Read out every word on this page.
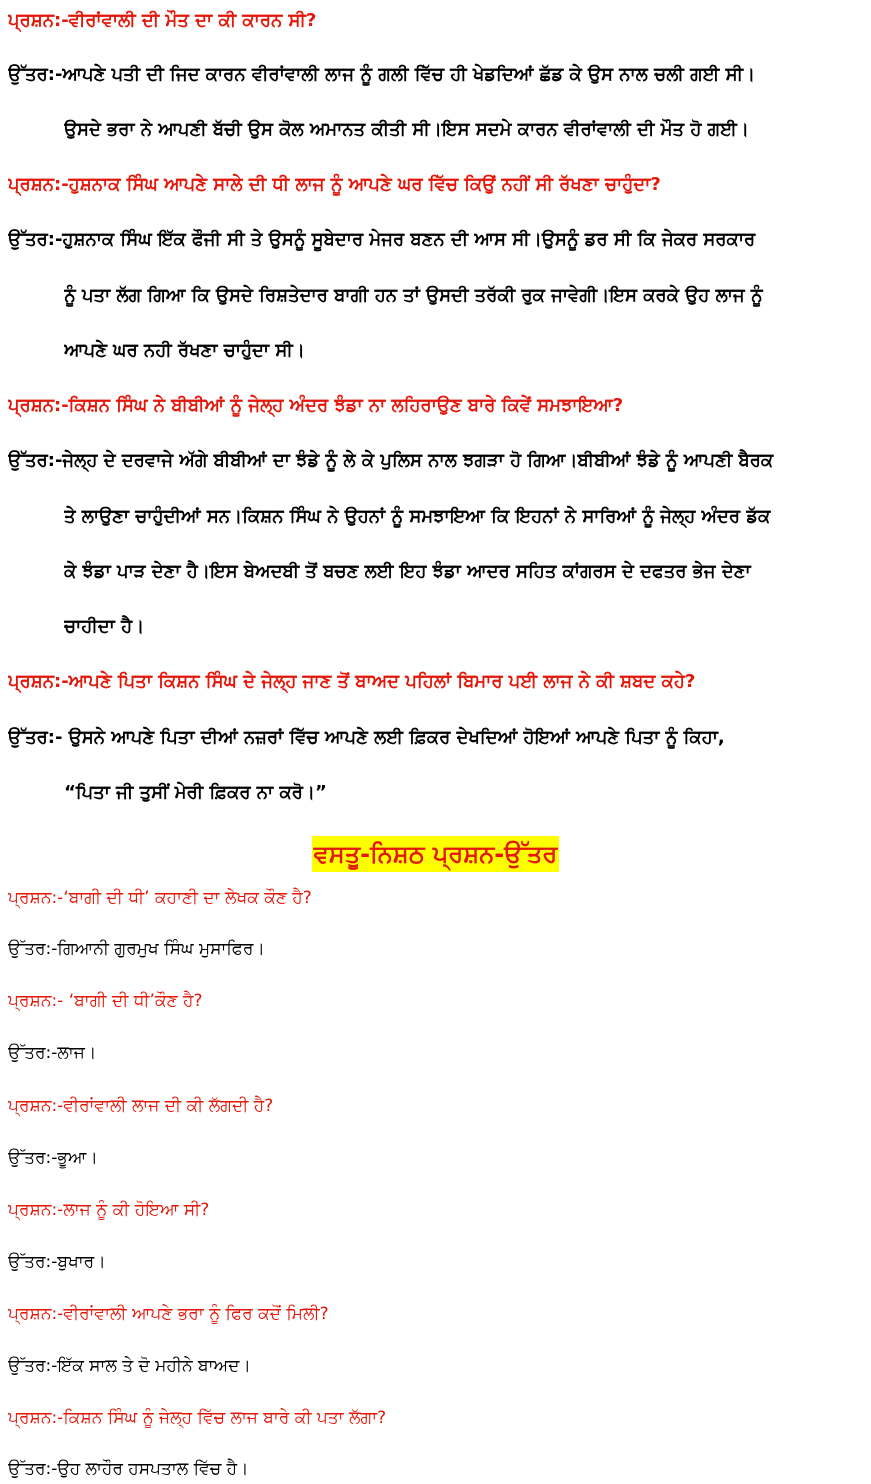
ਪ੍ਰਸ਼ਨ:-ਵੀਰਾਂਵਾਲੀ ਦੀ ਮੌਤ ਦਾ ਕੀ ਕਾਰਨ ਸੀ?
ਉੱਤਰ:-ਆਪਣੇ ਪਤੀ ਦੀ ਜਿਦ ਕਾਰਨ ਵੀਰਾਂਵਾਲੀ ਲਾਜ ਨੂੰ ਗਲੀ ਵਿੱਚ ਹੀ ਖੇਡਦਿਆਂ ਛੱਡ ਕੇ ਉਸ ਨਾਲ ਚਲੀ ਗਈ ਸੀ।
ਉਸਦੇ ਭਰਾ ਨੇ ਆਪਣੀ ਬੱਚੀ ਉਸ ਕੋਲ ਅਮਾਨਤ ਕੀਤੀ ਸੀ।ਇਸ ਸਦਮੇ ਕਾਰਨ ਵੀਰਾਂਵਾਲੀ ਦੀ ਮੌਤ ਹੋ ਗਈ।
ਪ੍ਰਸ਼ਨ:-ਹੁਸ਼ਨਾਕ ਸਿੰਘ ਆਪਣੇ ਸਾਲੇ ਦੀ ਧੀ ਲਾਜ ਨੂੰ ਆਪਣੇ ਘਰ ਵਿੱਚ ਕਿਉਂ ਨਹੀਂ ਸੀ ਰੱਖਣਾ ਚਾਹੁੰਦਾ?
ਉੱਤਰ:-ਹੁਸ਼ਨਾਕ ਸਿੰਘ ਇੱਕ ਫੌਜੀ ਸੀ ਤੇ ਉਸਨੂੰ ਸੂਬੇਦਾਰ ਮੇਜਰ ਬਣਨ ਦੀ ਆਸ ਸੀ।ਉਸਨੂੰ ਡਰ ਸੀ ਕਿ ਜੇਕਰ ਸਰਕਾਰ
ਨੂੰ ਪਤਾ ਲੱਗ ਗਿਆ ਕਿ ਉਸਦੇ ਰਿਸ਼ਤੇਦਾਰ ਬਾਗੀ ਹਨ ਤਾਂ ਉਸਦੀ ਤਰੱਕੀ ਰੁਕ ਜਾਵੇਗੀ।ਇਸ ਕਰਕੇ ਉਹ ਲਾਜ ਨੂੰ
ਆਪਣੇ ਘਰ ਨਹੀ ਰੱਖਣਾ ਚਾਹੁੰਦਾ ਸੀ।
ਪ੍ਰਸ਼ਨ:-ਕਿਸ਼ਨ ਸਿੰਘ ਨੇ ਬੀਬੀਆਂ ਨੂੰ ਜੇਲ੍ਹ ਅੰਦਰ ਝੰਡਾ ਨਾ ਲਹਿਰਾਉਣ ਬਾਰੇ ਕਿਵੇਂ ਸਮਝਾਇਆ?
ਉੱਤਰ:-ਜੇਲ੍ਹ ਦੇ ਦਰਵਾਜੇ ਅੱਗੇ ਬੀਬੀਆਂ ਦਾ ਝੰਡੇ ਨੂੰ ਲੇ ਕੇ ਪੁਲਿਸ ਨਾਲ ਝਗੜਾ ਹੋ ਗਿਆ।ਬੀਬੀਆਂ ਝੰਡੇ ਨੂੰ ਆਪਣੀ ਬੈਰਕ
ਤੇ ਲਾਉਣਾ ਚਾਹੁੰਦੀਆਂ ਸਨ।ਕਿਸ਼ਨ ਸਿੰਘ ਨੇ ਉਹਨਾਂ ਨੂੰ ਸਮਝਾਇਆ ਕਿ ਇਹਨਾਂ ਨੇ ਸਾਰਿਆਂ ਨੂੰ ਜੇਲ੍ਹ ਅੰਦਰ ਡੱਕ
ਕੇ ਝੰਡਾ ਪਾੜ ਦੇਣਾ ਹੈ।ਇਸ ਬੇਅਦਬੀ ਤੋਂ ਬਚਣ ਲਈ ਇਹ ਝੰਡਾ ਆਦਰ ਸਹਿਤ ਕਾਂਗਰਸ ਦੇ ਦਫਤਰ ਭੇਜ ਦੇਣਾ
ਚਾਹੀਦਾ ਹੈ।
ਪ੍ਰਸ਼ਨ:-ਆਪਣੇ ਪਿਤਾ ਕਿਸ਼ਨ ਸਿੰਘ ਦੇ ਜੇਲ੍ਹ ਜਾਣ ਤੋਂ ਬਾਅਦ ਪਹਿਲਾਂ ਬਿਮਾਰ ਪਈ ਲਾਜ ਨੇ ਕੀ ਸ਼ਬਦ ਕਹੇ?
ਉੱਤਰ:- ਉਸਨੇ ਆਪਣੇ ਪਿਤਾ ਦੀਆਂ ਨਜ਼ਰਾਂ ਵਿੱਚ ਆਪਣੇ ਲਈ ਫ਼ਿਕਰ ਦੇਖਦਿਆਂ ਹੋਇਆਂ ਆਪਣੇ ਪਿਤਾ ਨੂੰ ਕਿਹਾ,
“ਪਿਤਾ ਜੀ ਤੁਸੀਂ ਮੇਰੀ ਫ਼ਿਕਰ ਨਾ ਕਰੋ।”
ਵਸਤੂ-ਨਿਸ਼ਠ ਪ੍ਰਸ਼ਨ-ਉੱਤਰ
ਪ੍ਰਸ਼ਨ:-‘ਬਾਗੀ ਦੀ ਧੀ’ ਕਹਾਣੀ ਦਾ ਲੇਖਕ ਕੌਣ ਹੈ?
ਉੱਤਰ:-ਗਿਆਨੀ ਗੁਰਮੁਖ ਸਿੰਘ ਮੁਸਾਫਿਰ।
ਪ੍ਰਸ਼ਨ:- ‘ਬਾਗੀ ਦੀ ਧੀ’ਕੌਣ ਹੈ?
ਉੱਤਰ:-ਲਾਜ।
ਪ੍ਰਸ਼ਨ:-ਵੀਰਾਂਵਾਲੀ ਲਾਜ ਦੀ ਕੀ ਲੱਗਦੀ ਹੈ?
ਉੱਤਰ:-ਭੂਆ।
ਪ੍ਰਸ਼ਨ:-ਲਾਜ ਨੂੰ ਕੀ ਹੋਇਆ ਸੀ?
ਉੱਤਰ:-ਬੁਖਾਰ।
ਪ੍ਰਸ਼ਨ:-ਵੀਰਾਂਵਾਲੀ ਆਪਣੇ ਭਰਾ ਨੂੰ ਫਿਰ ਕਦੋਂ ਮਿਲੀ?
ਉੱਤਰ:-ਇੱਕ ਸਾਲ ਤੇ ਦੋ ਮਹੀਨੇ ਬਾਅਦ।
ਪ੍ਰਸ਼ਨ:-ਕਿਸ਼ਨ ਸਿੰਘ ਨੂੰ ਜੇਲ੍ਹ ਵਿੱਚ ਲਾਜ ਬਾਰੇ ਕੀ ਪਤਾ ਲੱਗਾ?
ਉੱਤਰ:-ਉਹ ਲਾਹੌਰ ਹਸਪਤਾਲ ਵਿੱਚ ਹੈ।
